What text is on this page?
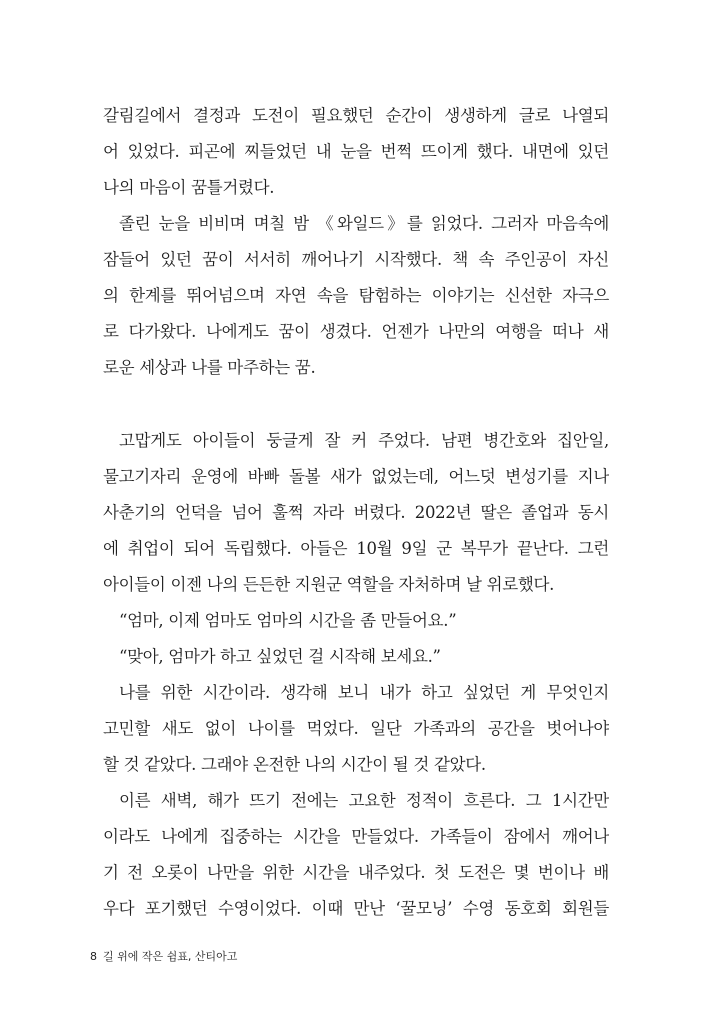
갈림길에서 결정과 도전이 필요했던 순간이 생생하게 글로 나열되
어 있었다. 피곤에 찌들었던 내 눈을 번쩍 뜨이게 했다. 내면에 있던
나의 마음이 꿈틀거렸다.
졸린 눈을 비비며 며칠 밤 《와일드》를 읽었다. 그러자 마음속에
잠들어 있던 꿈이 서서히 깨어나기 시작했다. 책 속 주인공이 자신
의 한계를 뛰어넘으며 자연 속을 탐험하는 이야기는 신선한 자극으
로 다가왔다. 나에게도 꿈이 생겼다. 언젠가 나만의 여행을 떠나 새
로운 세상과 나를 마주하는 꿈.
고맙게도 아이들이 둥글게 잘 커 주었다. 남편 병간호와 집안일,
물고기자리 운영에 바빠 돌볼 새가 없었는데, 어느덧 변성기를 지나
사춘기의 언덕을 넘어 훌쩍 자라 버렸다. 2022년 딸은 졸업과 동시
에 취업이 되어 독립했다. 아들은 10월 9일 군 복무가 끝난다. 그런
아이들이 이젠 나의 든든한 지원군 역할을 자처하며 날 위로했다.
“엄마, 이제 엄마도 엄마의 시간을 좀 만들어요.”
“맞아, 엄마가 하고 싶었던 걸 시작해 보세요.”
나를 위한 시간이라. 생각해 보니 내가 하고 싶었던 게 무엇인지
고민할 새도 없이 나이를 먹었다. 일단 가족과의 공간을 벗어나야
할 것 같았다. 그래야 온전한 나의 시간이 될 것 같았다.
이른 새벽, 해가 뜨기 전에는 고요한 정적이 흐른다. 그 1시간만
이라도 나에게 집중하는 시간을 만들었다. 가족들이 잠에서 깨어나
기 전 오롯이 나만을 위한 시간을 내주었다. 첫 도전은 몇 번이나 배
우다 포기했던 수영이었다. 이때 만난 ‘꿀모닝’ 수영 동호회 회원들
8 길 위에 작은 쉼표, 산티아고
